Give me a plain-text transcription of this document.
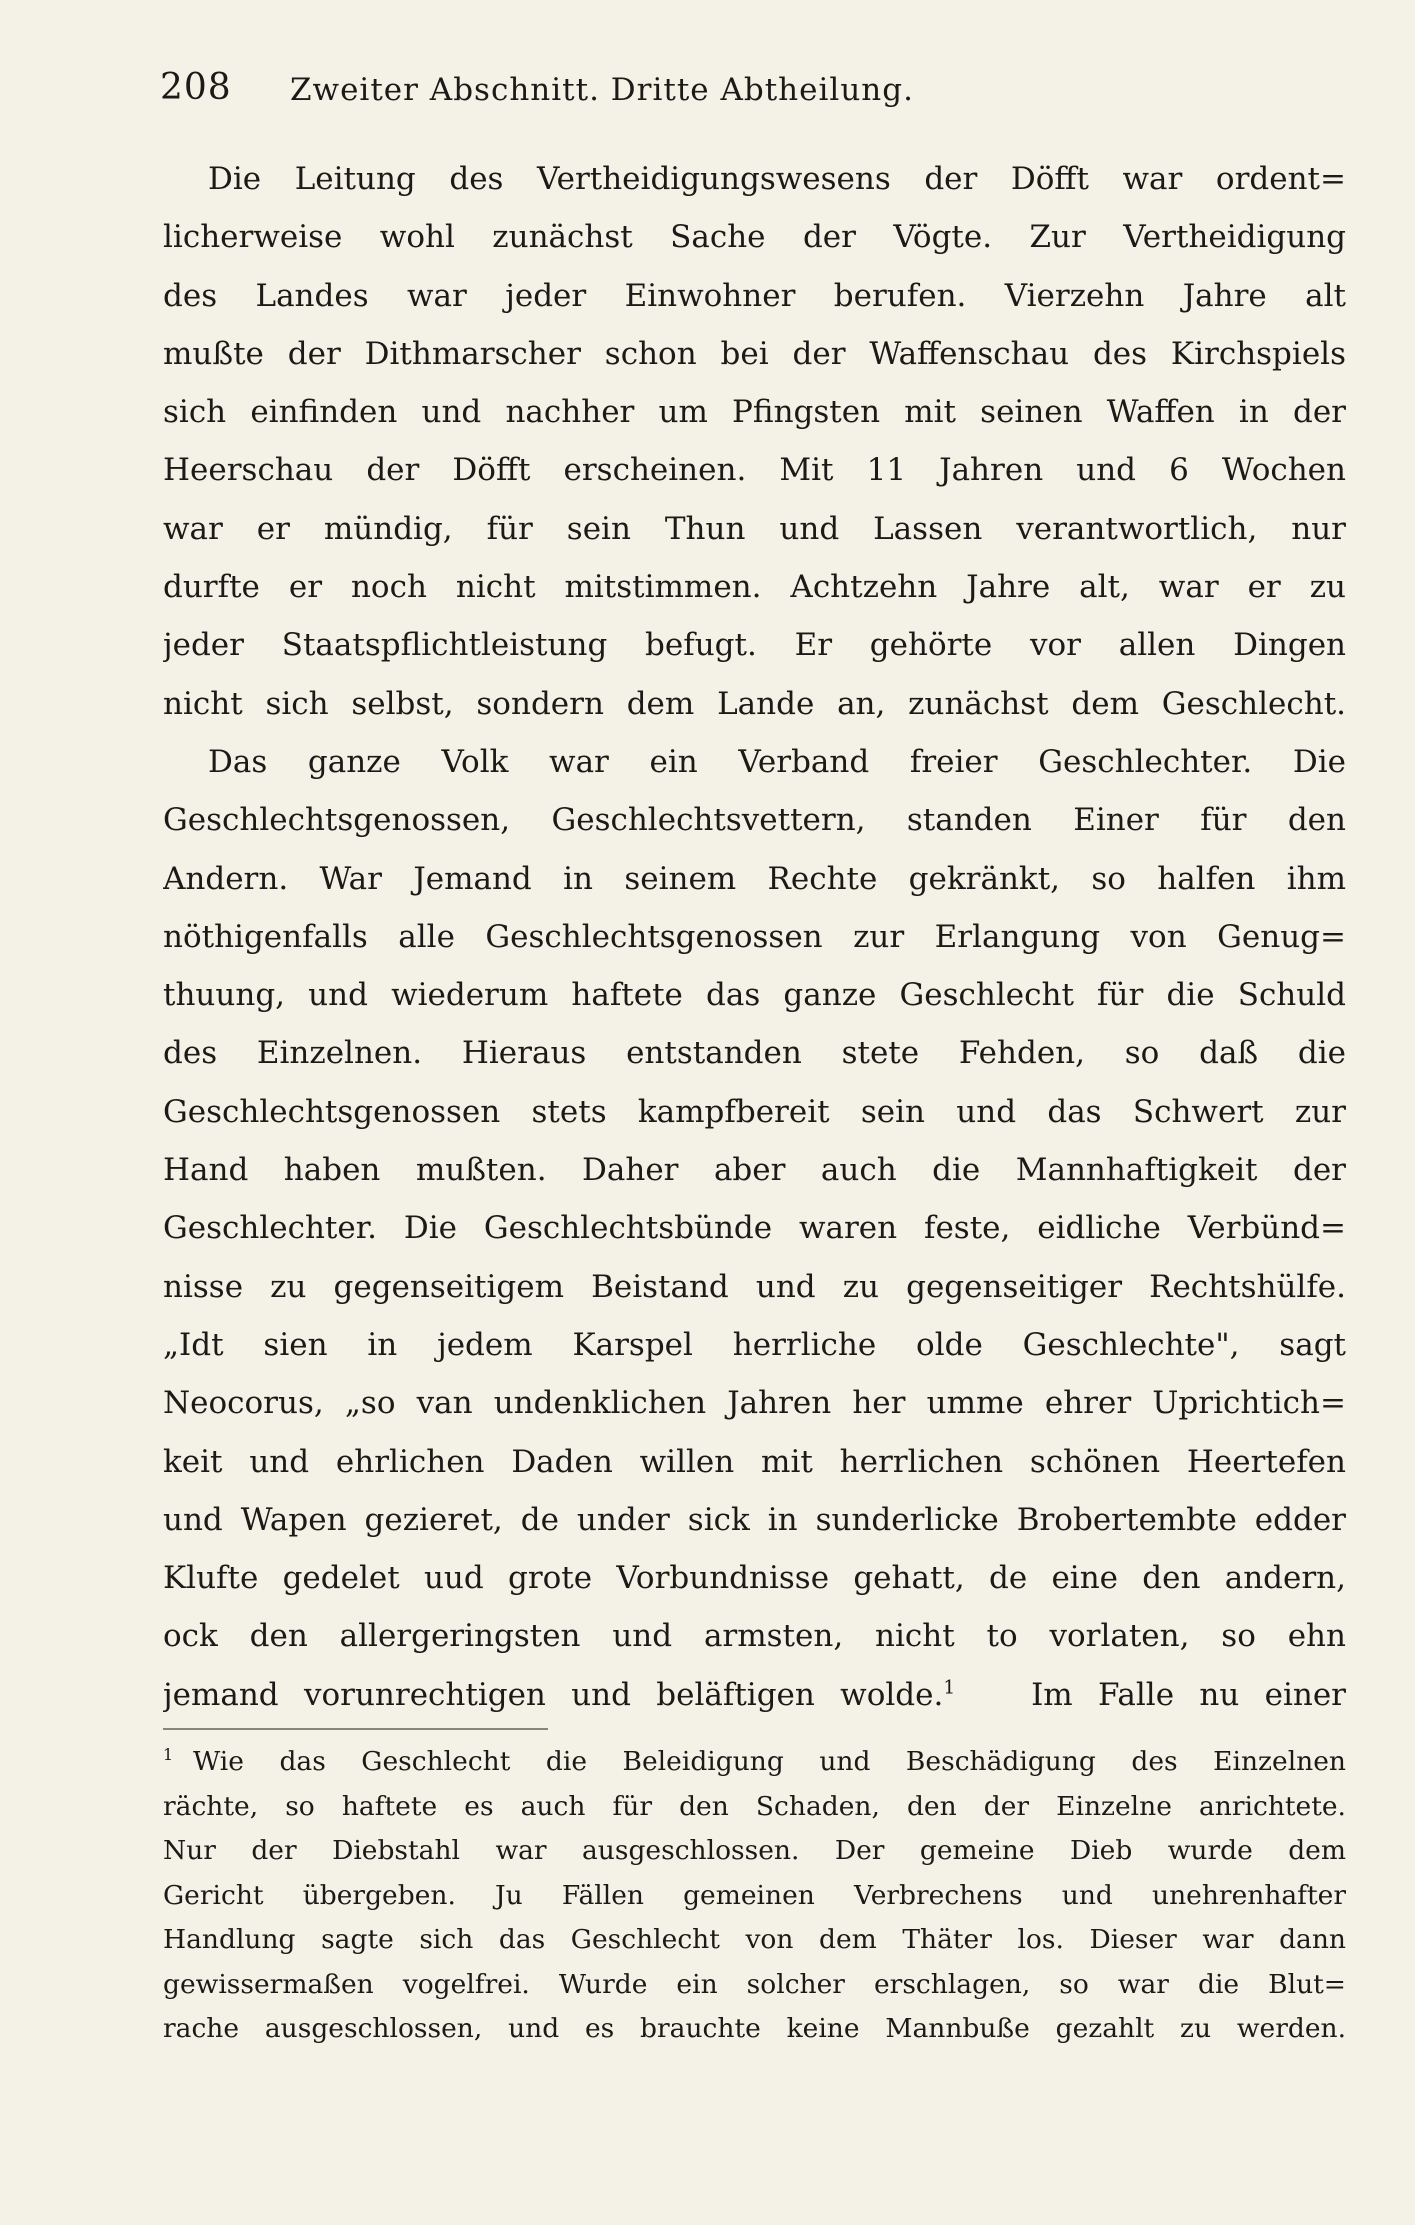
208 Zweiter Abschnitt. Dritte Abtheilung.
Die Leitung des Vertheidigungswesens der Döfft war ordent=
licherweise wohl zunächst Sache der Vögte. Zur Vertheidigung
des Landes war jeder Einwohner berufen. Vierzehn Jahre alt
mußte der Dithmarscher schon bei der Waffenschau des Kirchspiels
sich einfinden und nachher um Pfingsten mit seinen Waffen in der
Heerschau der Döfft erscheinen. Mit 11 Jahren und 6 Wochen
war er mündig, für sein Thun und Lassen verantwortlich, nur
durfte er noch nicht mitstimmen. Achtzehn Jahre alt, war er zu
jeder Staatspflichtleistung befugt. Er gehörte vor allen Dingen
nicht sich selbst, sondern dem Lande an, zunächst dem Geschlecht.
Das ganze Volk war ein Verband freier Geschlechter. Die
Geschlechtsgenossen, Geschlechtsvettern, standen Einer für den
Andern. War Jemand in seinem Rechte gekränkt, so halfen ihm
nöthigenfalls alle Geschlechtsgenossen zur Erlangung von Genug=
thuung, und wiederum haftete das ganze Geschlecht für die Schuld
des Einzelnen. Hieraus entstanden stete Fehden, so daß die
Geschlechtsgenossen stets kampfbereit sein und das Schwert zur
Hand haben mußten. Daher aber auch die Mannhaftigkeit der
Geschlechter. Die Geschlechtsbünde waren feste, eidliche Verbünd=
nisse zu gegenseitigem Beistand und zu gegenseitiger Rechtshülfe.
„Idt sien in jedem Karspel herrliche olde Geschlechte", sagt
Neocorus, „so van undenklichen Jahren her umme ehrer Uprichtich=
keit und ehrlichen Daden willen mit herrlichen schönen Heertefen
und Wapen gezieret, de under sick in sunderlicke Brobertembte edder
Klufte gedelet uud grote Vorbundnisse gehatt, de eine den andern,
ock den allergeringsten und armsten, nicht to vorlaten, so ehn
jemand vorunrechtigen und beläftigen wolde.$^1$ Im Falle nu einer
$^1$ Wie das Geschlecht die Beleidigung und Beschädigung des Einzelnen
rächte, so haftete es auch für den Schaden, den der Einzelne anrichtete.
Nur der Diebstahl war ausgeschlossen. Der gemeine Dieb wurde dem
Gericht übergeben. Ju Fällen gemeinen Verbrechens und unehrenhafter
Handlung sagte sich das Geschlecht von dem Thäter los. Dieser war dann
gewissermaßen vogelfrei. Wurde ein solcher erschlagen, so war die Blut=
rache ausgeschlossen, und es brauchte keine Mannbuße gezahlt zu werden.
